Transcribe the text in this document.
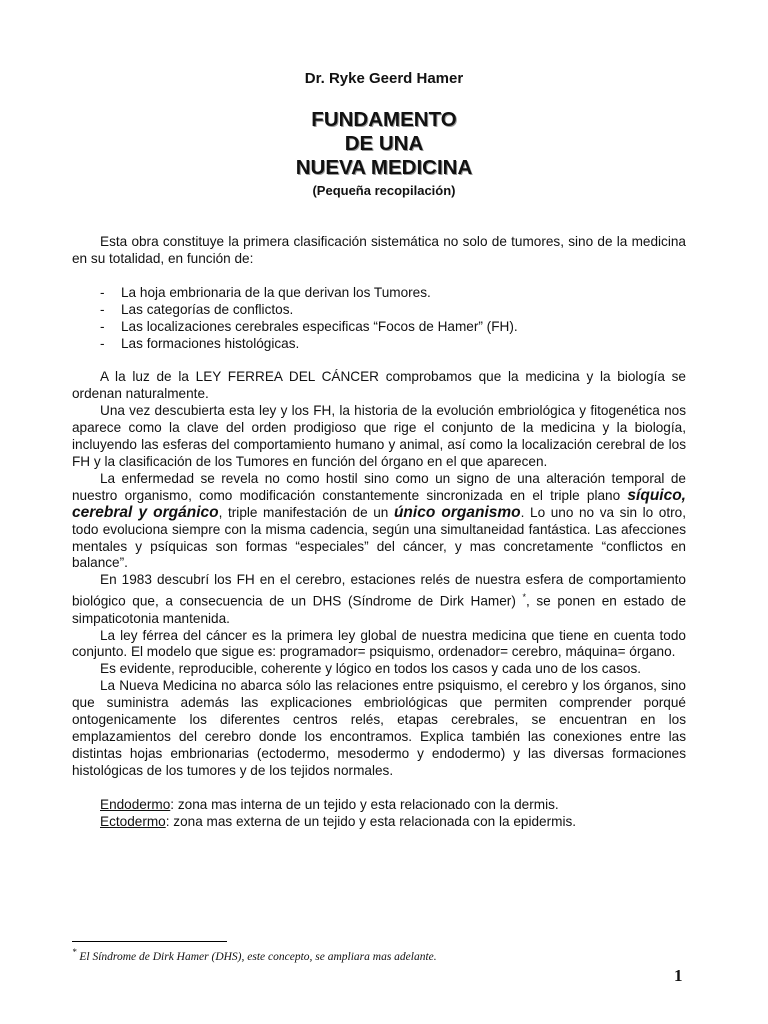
Dr. Ryke Geerd Hamer
FUNDAMENTO
DE UNA
NUEVA MEDICINA
(Pequeña recopilación)

Esta obra constituye la primera clasificación sistemática no solo de tumores, sino de la medicina en su totalidad, en función de:

- La hoja embrionaria de la que derivan los Tumores.
- Las categorías de conflictos.
- Las localizaciones cerebrales especificas “Focos de Hamer” (FH).
- Las formaciones histológicas.

A la luz de la LEY FERREA DEL CÁNCER comprobamos que la medicina y la biología se ordenan naturalmente.

Una vez descubierta esta ley y los FH, la historia de la evolución embriológica y fitogenética nos aparece como la clave del orden prodigioso que rige el conjunto de la medicina y la biología, incluyendo las esferas del comportamiento humano y animal, así como la localización cerebral de los FH y la clasificación de los Tumores en función del órgano en el que aparecen.

La enfermedad se revela no como hostil sino como un signo de una alteración temporal de nuestro organismo, como modificación constantemente sincronizada en el triple plano síquico, cerebral y orgánico, triple manifestación de un único organismo. Lo uno no va sin lo otro, todo evoluciona siempre con la misma cadencia, según una simultaneidad fantástica. Las afecciones mentales y psíquicas son formas “especiales” del cáncer, y mas concretamente “conflictos en balance”.

En 1983 descubrí los FH en el cerebro, estaciones relés de nuestra esfera de comportamiento biológico que, a consecuencia de un DHS (Síndrome de Dirk Hamer) *, se ponen en estado de simpaticotonia mantenida.

La ley férrea del cáncer es la primera ley global de nuestra medicina que tiene en cuenta todo conjunto. El modelo que sigue es: programador= psiquismo, ordenador= cerebro, máquina= órgano.

Es evidente, reproducible, coherente y lógico en todos los casos y cada uno de los casos.

La Nueva Medicina no abarca sólo las relaciones entre psiquismo, el cerebro y los órganos, sino que suministra además las explicaciones embriológicas que permiten comprender porqué ontogenicamente los diferentes centros relés, etapas cerebrales, se encuentran en los emplazamientos del cerebro donde los encontramos. Explica también las conexiones entre las distintas hojas embrionarias (ectodermo, mesodermo y endodermo) y las diversas formaciones histológicas de los tumores y de los tejidos normales.

Endodermo: zona mas interna de un tejido y esta relacionado con la dermis.

Ectodermo: zona mas externa de un tejido y esta relacionada con la epidermis.

* El Síndrome de Dirk Hamer (DHS), este concepto, se ampliara mas adelante.
1
